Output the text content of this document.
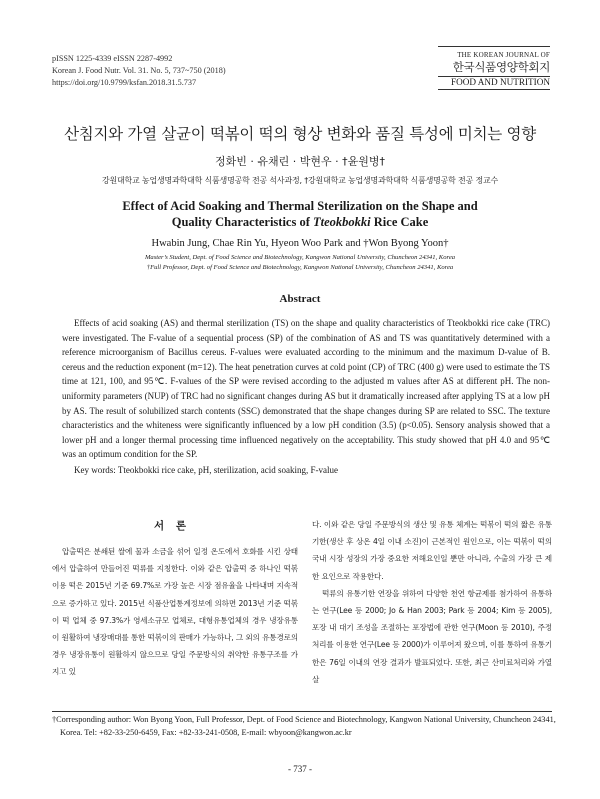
pISSN 1225-4339 eISSN 2287-4992
Korean J. Food Nutr. Vol. 31. No. 5, 737~750 (2018)
https://doi.org/10.9799/ksfan.2018.31.5.737
THE KOREAN JOURNAL OF
한국식품영양학회지
FOOD AND NUTRITION
산침지와 가열 살균이 떡볶이 떡의 형상 변화와 품질 특성에 미치는 영향
정화빈 · 유채린 · 박현우 · †윤원병†
강원대학교 농업생명과학대학 식품생명공학 전공 석사과정, †강원대학교 농업생명과학대학 식품생명공학 전공 정교수
Effect of Acid Soaking and Thermal Sterilization on the Shape and
Quality Characteristics of Tteokbokki Rice Cake
Hwabin Jung, Chae Rin Yu, Hyeon Woo Park and †Won Byong Yoon†
Master’s Student, Dept. of Food Science and Biotechnology, Kangwon National University, Chuncheon 24341, Korea
†Full Professor, Dept. of Food Science and Biotechnology, Kangwon National University, Chuncheon 24341, Korea
Abstract

Effects of acid soaking (AS) and thermal sterilization (TS) on the shape and quality characteristics of Tteokbokki rice cake (TRC) were investigated. The F-value of a sequential process (SP) of the combination of AS and TS was quantitatively determined with a reference microorganism of Bacillus cereus. F-values were evaluated according to the minimum and the maximum D-value of B. cereus and the reduction exponent (m=12). The heat penetration curves at cold point (CP) of TRC (400 g) were used to estimate the TS time at 121, 100, and 95℃. F-values of the SP were revised according to the adjusted m values after AS at different pH. The non-uniformity parameters (NUP) of TRC had no significant changes during AS but it dramatically increased after applying TS at a low pH by AS. The result of solubilized starch contents (SSC) demonstrated that the shape changes during SP are related to SSC. The texture characteristics and the whiteness were significantly influenced by a low pH condition (3.5) (p<0.05). Sensory analysis showed that a lower pH and a longer thermal processing time influenced negatively on the acceptability. This study showed that pH 4.0 and 95℃ was an optimum condition for the SP.

Key words: Tteokbokki rice cake, pH, sterilization, acid soaking, F-value
서 론

압출떡은 분쇄된 쌀에 물과 소금을 섞어 일정 온도에서 호화를 시킨 상태에서 압출하여 만들어진 떡류를 지칭한다. 이와 같은 압출떡 중 하나인 떡볶이용 떡은 2015년 기준 69.7%로 가장 높은 시장 점유율을 나타내며 지속적으로 증가하고 있다. 2015년 식품산업통계정보에 의하면 2013년 기준 떡볶이 떡 업체 중 97.3%가 영세소규모 업체로, 대형유통업체의 경우 냉장유통이 원활하여 냉장매대를 통한 떡볶이의 판매가 가능하나, 그 외의 유통경로의 경우 냉장유통이 원활하지 않으므로 당일 주문방식의 취약한 유통구조를 가지고 있

다. 이와 같은 당일 주문방식의 생산 및 유통 체계는 떡볶이 떡의 짧은 유통기한(생산 후 상온 4일 이내 소진)이 근본적인 원인으로, 이는 떡볶이 떡의 국내 시장 성장의 가장 중요한 저해요인일 뿐만 아니라, 수출의 가장 큰 제한 요인으로 작용한다.

떡류의 유통기한 연장을 위하여 다양한 천연 항균제를 첨가하여 유통하는 연구(Lee 등 2000; Jo & Han 2003; Park 등 2004; Kim 등 2005), 포장 내 대기 조성을 조절하는 포장법에 관한 연구(Moon 등 2010), 주정처리를 이용한 연구(Lee 등 2000)가 이루어져 왔으며, 이를 통하여 유통기한은 76일 이내의 연장 결과가 발표되었다. 또한, 최근 산미료처리와 가열 살

†Corresponding author: Won Byong Yoon, Full Professor, Dept. of Food Science and Biotechnology, Kangwon National University, Chuncheon 24341, Korea. Tel: +82-33-250-6459, Fax: +82-33-241-0508, E-mail: wbyoon@kangwon.ac.kr
- 737 -
